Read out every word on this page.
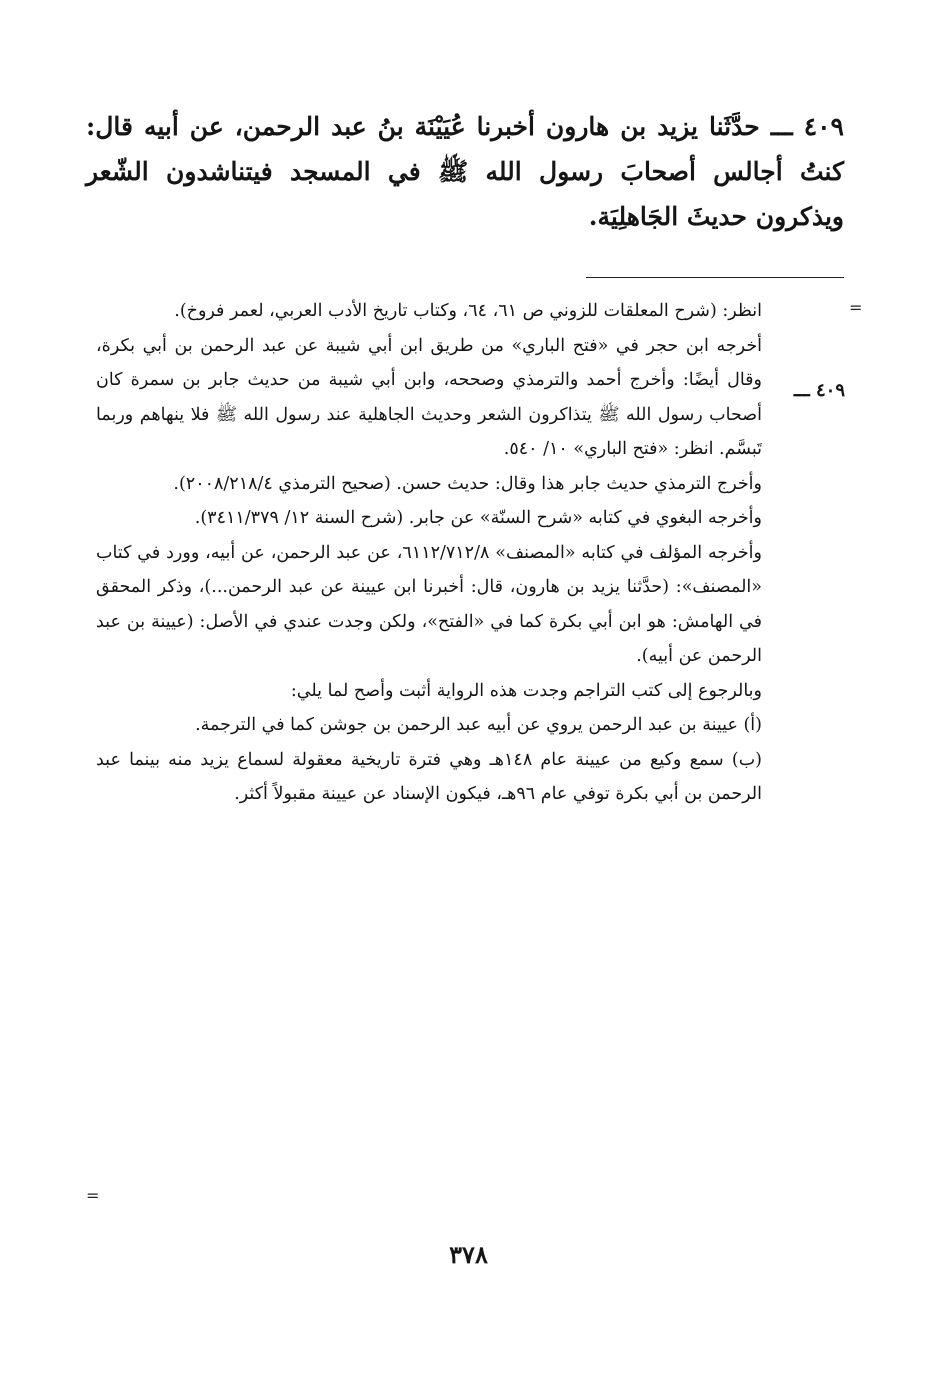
٤٠٩ ـــ حدَّثَنا يزيد بن هارون أخبرنا عُيَيْنَة بنُ عبد الرحمن، عن أبيه قال: كنتُ أجالس أصحابَ رسول الله ﷺ في المسجد فيتناشدون الشّعر ويذكرون حديثَ الجَاهلِيَة.

=

انظر: (شرح المعلقات للزوني ص ٦١، ٦٤، وكتاب تاريخ الأدب العربي، لعمر فروخ).

أخرجه ابن حجر في «فتح الباري» من طريق ابن أبي شيبة عن عبد الرحمن بن أبي بكرة، وقال أيضًا: وأخرج أحمد والترمذي وصححه، وابن أبي شيبة من حديث جابر بن سمرة كان أصحاب رسول الله ﷺ يتذاكرون الشعر وحديث الجاهلية عند رسول الله ﷺ فلا ينهاهم وربما تَبسَّم. انظر: «فتح الباري» ١٠/ ٥٤٠.

وأخرج الترمذي حديث جابر هذا وقال: حديث حسن. (صحيح الترمذي ٢٠٠٨/٢١٨/٤).

وأخرجه البغوي في كتابه «شرح السنّة» عن جابر. (شرح السنة ١٢/ ٣٤١١/٣٧٩).

وأخرجه المؤلف في كتابه «المصنف» ٦١١٢/٧١٢/٨، عن عبد الرحمن، عن أبيه، وورد في كتاب «المصنف»: (حدَّثنا يزيد بن هارون، قال: أخبرنا ابن عيينة عن عبد الرحمن...)، وذكر المحقق في الهامش: هو ابن أبي بكرة كما في «الفتح»، ولكن وجدت عندي في الأصل: (عيينة بن عبد الرحمن عن أبيه).

وبالرجوع إلى كتب التراجم وجدت هذه الرواية أثبت وأصح لما يلي:

(أ) عيينة بن عبد الرحمن يروي عن أبيه عبد الرحمن بن جوشن كما في الترجمة.

(ب) سمع وكيع من عيينة عام ١٤٨هـ وهي فترة تاريخية معقولة لسماع يزيد منه بينما عبد الرحمن بن أبي بكرة توفي عام ٩٦هـ، فيكون الإسناد عن عيينة مقبولاً أكثر.

٤٠٩ ـــ
=
٣٧٨
